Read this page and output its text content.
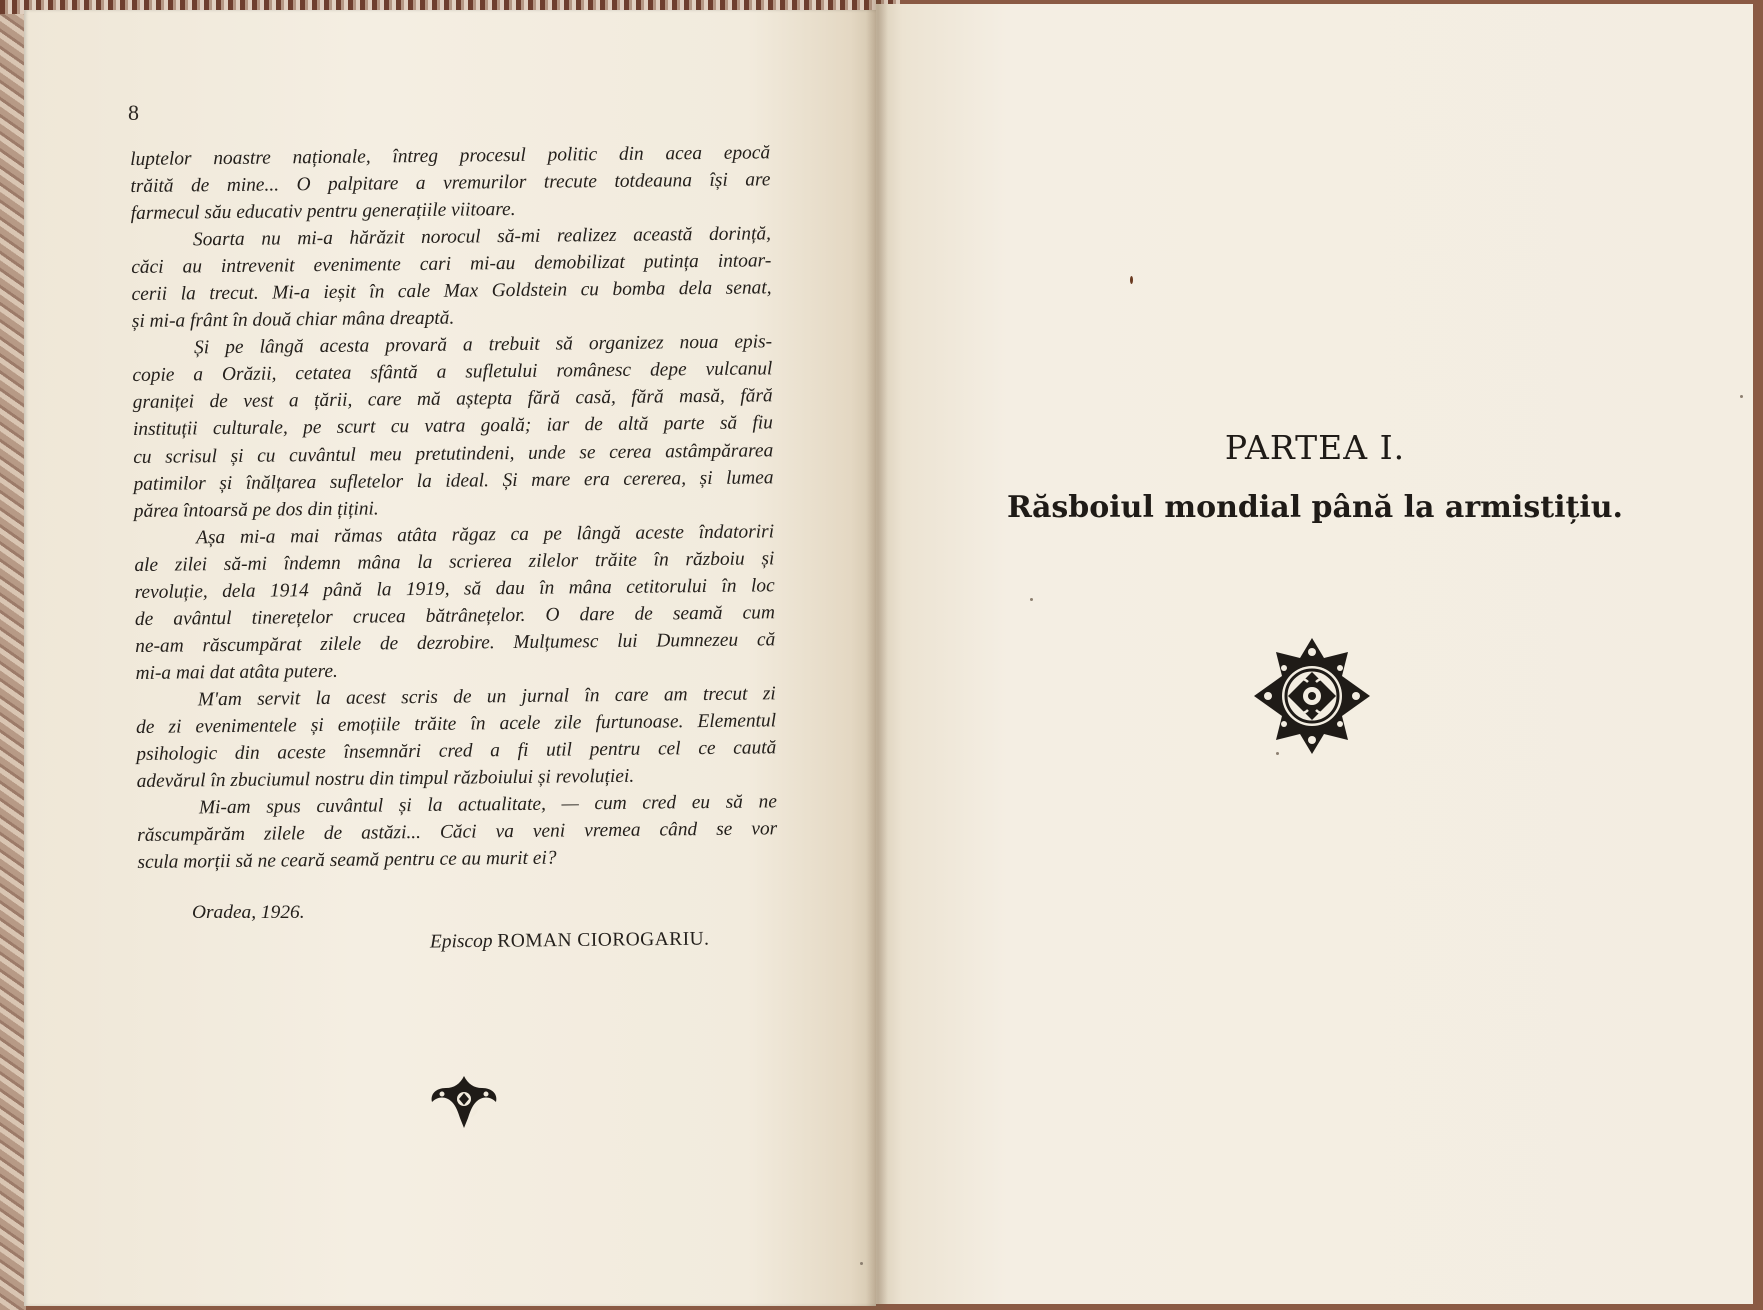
8
luptelor noastre naționale, întreg procesul politic din acea epocă
trăită de mine... O palpitare a vremurilor trecute totdeauna își are
farmecul său educativ pentru generațiile viitoare.
Soarta nu mi-a hărăzit norocul să-mi realizez această dorință,
căci au intrevenit evenimente cari mi-au demobilizat putința intoar-
cerii la trecut. Mi-a ieșit în cale Max Goldstein cu bomba dela senat,
și mi-a frânt în două chiar mâna dreaptă.
Și pe lângă acesta provară a trebuit să organizez noua epis-
copie a Orăzii, cetatea sfântă a sufletului românesc depe vulcanul
graniței de vest a țării, care mă aștepta fără casă, fără masă, fără
instituții culturale, pe scurt cu vatra goală; iar de altă parte să fiu
cu scrisul și cu cuvântul meu pretutindeni, unde se cerea astâmpărarea
patimilor și înălțarea sufletelor la ideal. Și mare era cererea, și lumea
părea întoarsă pe dos din țițini.
Așa mi-a mai rămas atâta răgaz ca pe lângă aceste îndatoriri
ale zilei să-mi îndemn mâna la scrierea zilelor trăite în războiu și
revoluție, dela 1914 până la 1919, să dau în mâna cetitorului în loc
de avântul tinerețelor crucea bătrânețelor. O dare de seamă cum
ne-am răscumpărat zilele de dezrobire. Mulțumesc lui Dumnezeu că
mi-a mai dat atâta putere.
M'am servit la acest scris de un jurnal în care am trecut zi
de zi evenimentele și emoțiile trăite în acele zile furtunoase. Elementul
psihologic din aceste însemnări cred a fi util pentru cel ce caută
adevărul în zbuciumul nostru din timpul războiului și revoluției.
Mi-am spus cuvântul și la actualitate, — cum cred eu să ne
răscumpărăm zilele de astăzi... Căci va veni vremea când se vor
scula morții să ne ceară seamă pentru ce au murit ei?
Oradea, 1926.
Episcop ROMAN CIOROGARIU.
PARTEA I.
Răsboiul mondial până la armistițiu.
